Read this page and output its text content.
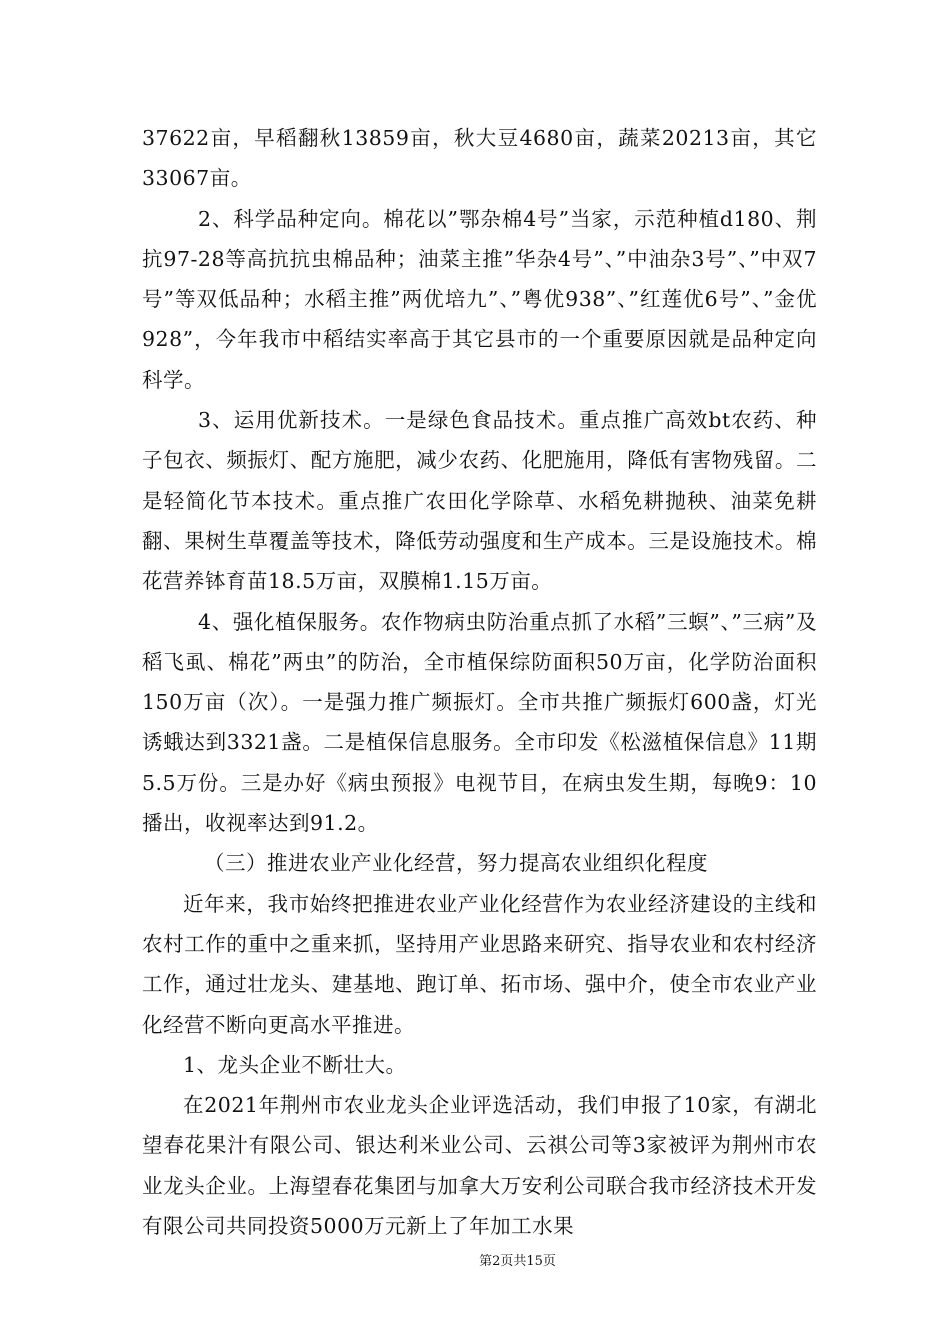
37622亩，早稻翻秋13859亩，秋大豆4680亩，蔬菜20213亩，其它33067亩。

2、科学品种定向。棉花以”鄂杂棉4号”当家，示范种植d180、荆抗97-28等高抗抗虫棉品种；油菜主推”华杂4号”、”中油杂3号”、”中双7号”等双低品种；水稻主推”两优培九”、”粤优938”、”红莲优6号”、”金优928”，今年我市中稻结实率高于其它县市的一个重要原因就是品种定向科学。

3、运用优新技术。一是绿色食品技术。重点推广高效bt农药、种子包衣、频振灯、配方施肥，减少农药、化肥施用，降低有害物残留。二是轻简化节本技术。重点推广农田化学除草、水稻免耕抛秧、油菜免耕翻、果树生草覆盖等技术，降低劳动强度和生产成本。三是设施技术。棉花营养钵育苗18.5万亩，双膜棉1.15万亩。

4、强化植保服务。农作物病虫防治重点抓了水稻”三螟”、”三病”及稻飞虱、棉花”两虫”的防治，全市植保综防面积50万亩，化学防治面积150万亩（次）。一是强力推广频振灯。全市共推广频振灯600盏，灯光诱蛾达到3321盏。二是植保信息服务。全市印发《松滋植保信息》11期5.5万份。三是办好《病虫预报》电视节目，在病虫发生期，每晚9：10播出，收视率达到91.2。

（三）推进农业产业化经营，努力提高农业组织化程度

近年来，我市始终把推进农业产业化经营作为农业经济建设的主线和农村工作的重中之重来抓，坚持用产业思路来研究、指导农业和农村经济工作，通过壮龙头、建基地、跑订单、拓市场、强中介，使全市农业产业化经营不断向更高水平推进。

1、龙头企业不断壮大。

在2021年荆州市农业龙头企业评选活动，我们申报了10家，有湖北望春花果汁有限公司、银达利米业公司、云祺公司等3家被评为荆州市农业龙头企业。上海望春花集团与加拿大万安利公司联合我市经济技术开发有限公司共同投资5000万元新上了年加工水果

第2页共15页
